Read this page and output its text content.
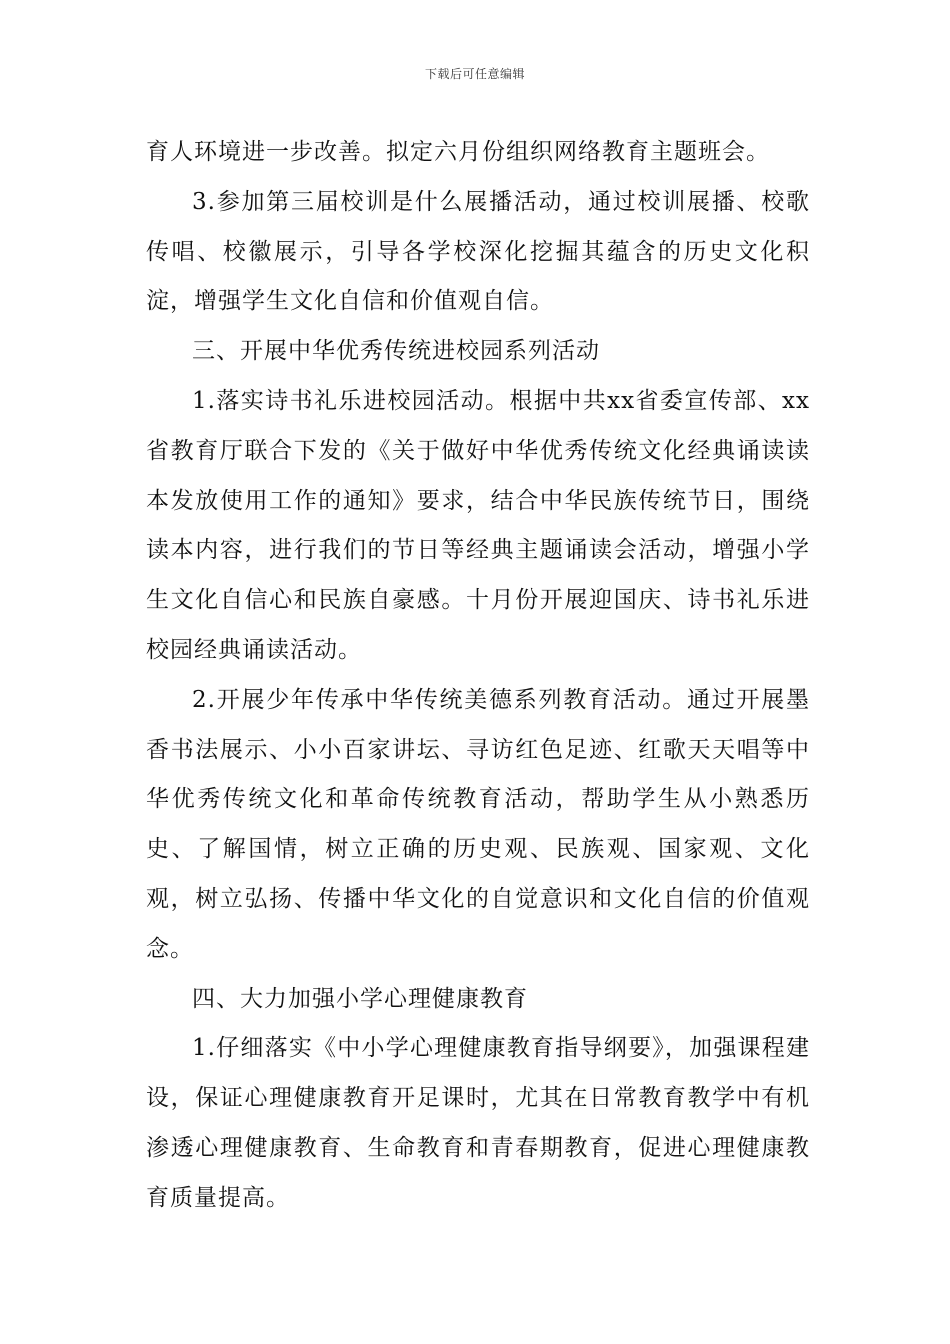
下载后可任意编辑

育人环境进一步改善。拟定六月份组织网络教育主题班会。

3.参加第三届校训是什么展播活动，通过校训展播、校歌传唱、校徽展示，引导各学校深化挖掘其蕴含的历史文化积淀，增强学生文化自信和价值观自信。

三、开展中华优秀传统进校园系列活动

1.落实诗书礼乐进校园活动。根据中共xx省委宣传部、xx省教育厅联合下发的《关于做好中华优秀传统文化经典诵读读本发放使用工作的通知》要求，结合中华民族传统节日，围绕读本内容，进行我们的节日等经典主题诵读会活动，增强小学生文化自信心和民族自豪感。十月份开展迎国庆、诗书礼乐进校园经典诵读活动。

2.开展少年传承中华传统美德系列教育活动。通过开展墨香书法展示、小小百家讲坛、寻访红色足迹、红歌天天唱等中华优秀传统文化和革命传统教育活动，帮助学生从小熟悉历史、了解国情，树立正确的历史观、民族观、国家观、文化观，树立弘扬、传播中华文化的自觉意识和文化自信的价值观念。

四、大力加强小学心理健康教育

1.仔细落实《中小学心理健康教育指导纲要》，加强课程建设，保证心理健康教育开足课时，尤其在日常教育教学中有机渗透心理健康教育、生命教育和青春期教育，促进心理健康教育质量提高。
